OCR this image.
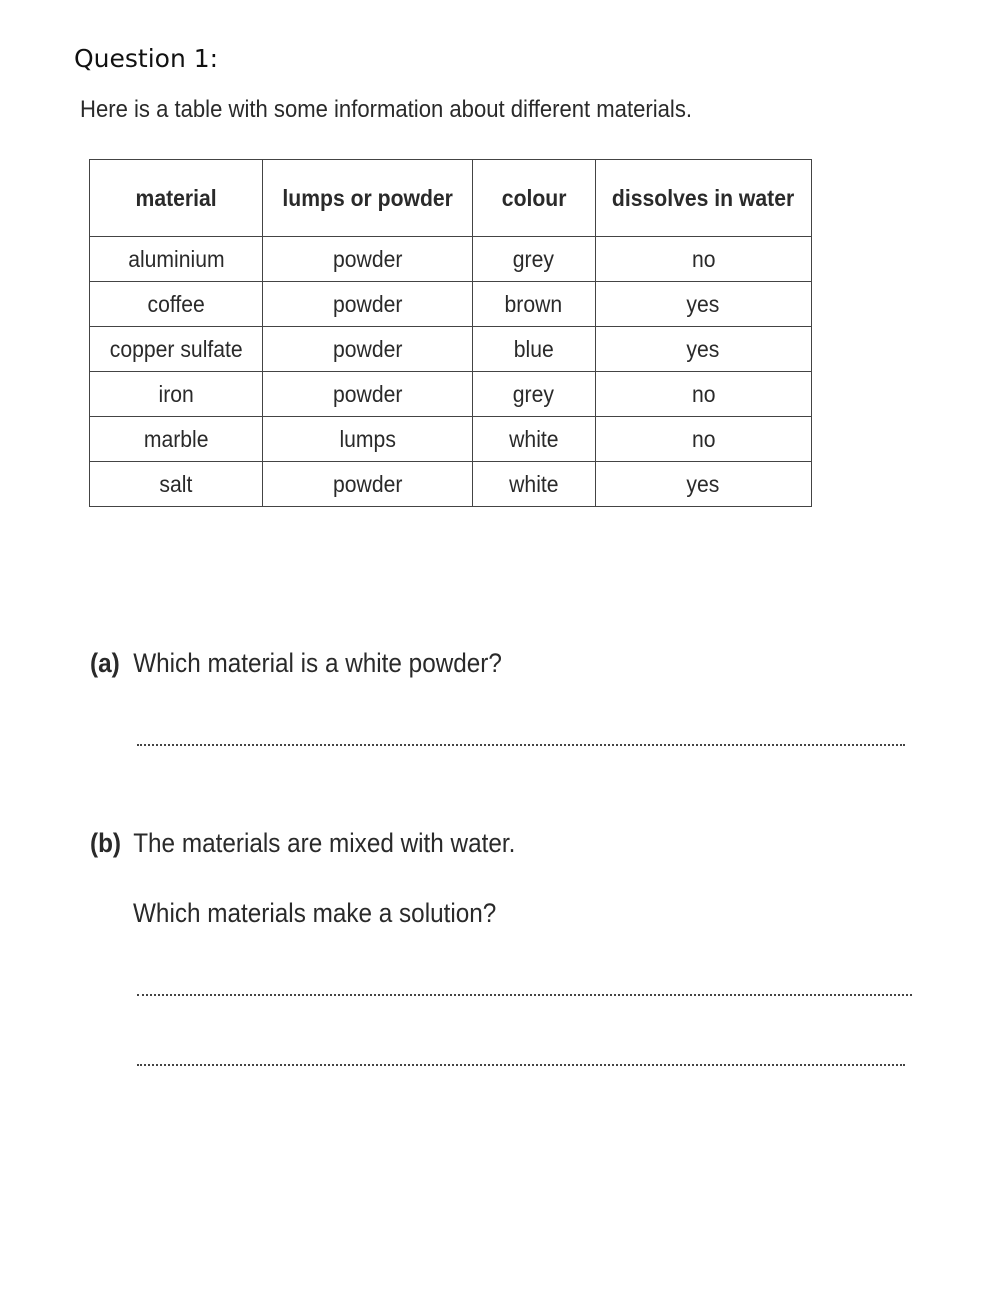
Question 1:
Here is a table with some information about different materials.
material	lumps or powder	colour	dissolves in water
aluminium	powder	grey	no
coffee	powder	brown	yes
copper sulfate	powder	blue	yes
iron	powder	grey	no
marble	lumps	white	no
salt	powder	white	yes
(a) Which material is a white powder?
(b) The materials are mixed with water.
Which materials make a solution?
